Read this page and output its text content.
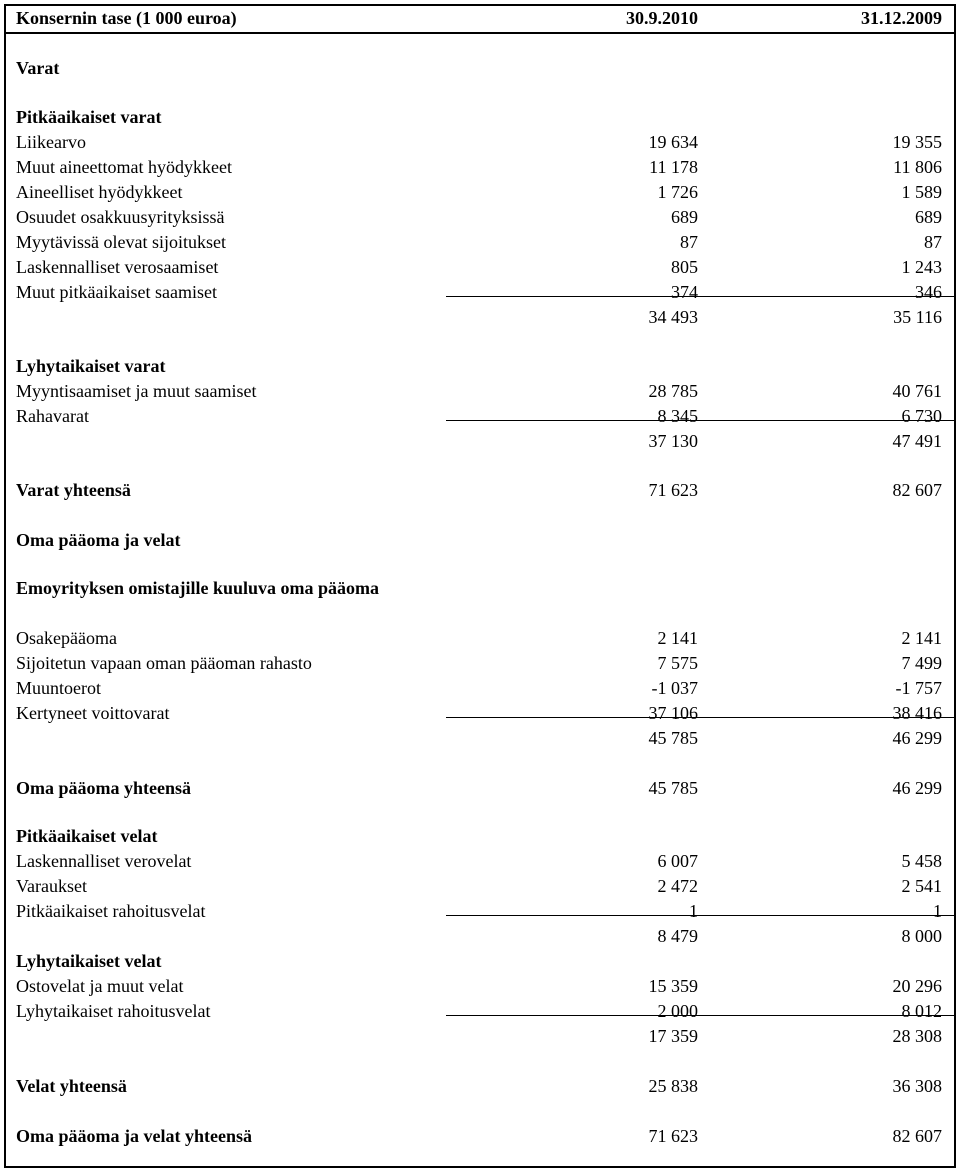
Konsernin tase (1 000 euroa)	30.9.2010	31.12.2009
Varat
Pitkäaikaiset varat
Liikearvo	19 634	19 355
Muut aineettomat hyödykkeet	11 178	11 806
Aineelliset hyödykkeet	1 726	1 589
Osuudet osakkuusyrityksissä	689	689
Myytävissä olevat sijoitukset	87	87
Laskennalliset verosaamiset	805	1 243
Muut pitkäaikaiset saamiset	374	346
34 493	35 116
Lyhytaikaiset varat
Myyntisaamiset ja muut saamiset	28 785	40 761
Rahavarat	8 345	6 730
37 130	47 491
Varat yhteensä	71 623	82 607
Oma pääoma ja velat
Emoyrityksen omistajille kuuluva oma pääoma
Osakepääoma	2 141	2 141
Sijoitetun vapaan oman pääoman rahasto	7 575	7 499
Muuntoerot	-1 037	-1 757
Kertyneet voittovarat	37 106	38 416
45 785	46 299
Oma pääoma yhteensä	45 785	46 299
Pitkäaikaiset velat
Laskennalliset verovelat	6 007	5 458
Varaukset	2 472	2 541
Pitkäaikaiset rahoitusvelat	1	1
8 479	8 000
Lyhytaikaiset velat
Ostovelat ja muut velat	15 359	20 296
Lyhytaikaiset rahoitusvelat	2 000	8 012
17 359	28 308
Velat yhteensä	25 838	36 308
Oma pääoma ja velat yhteensä	71 623	82 607
